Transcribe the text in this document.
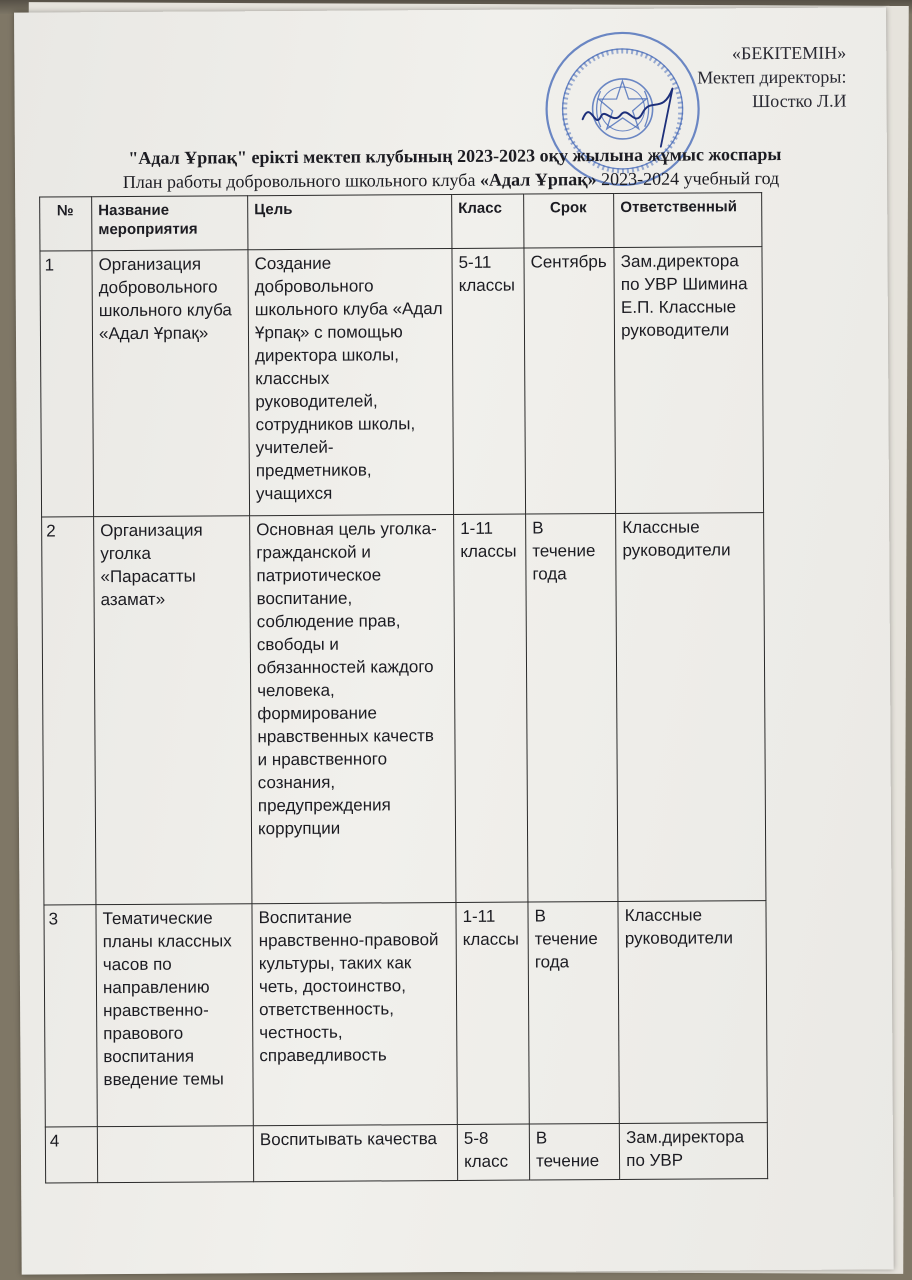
«БЕКІТЕМІН»
Мектеп директоры:
Шостко Л.И
"Адал Ұрпақ" ерікті мектеп клубының 2023-2023 оқу жылына жұмыс жоспары
План работы добровольного школьного клуба «Адал Ұрпақ» 2023-2024 учебный год
№	Название мероприятия	Цель	Класс	Срок	Ответственный
1	Организация добровольного школьного клуба «Адал Ұрпақ»	Создание добровольного школьного клуба «Адал Ұрпақ» с помощью директора школы, классных руководителей, сотрудников школы, учителей-предметников, учащихся	5-11 классы	Сентябрь	Зам.директора по УВР Шимина Е.П. Классные руководители
2	Организация уголка «Парасатты азамат»	Основная цель уголка- гражданской и патриотическое воспитание, соблюдение прав, свободы и обязанностей каждого человека, формирование нравственных качеств и нравственного сознания, предупреждения коррупции	1-11 классы	В течение года	Классные руководители
3	Тематические планы классных часов по направлению нравственно-правового воспитания введение темы	Воспитание нравственно-правовой культуры, таких как четь, достоинство, ответственность, честность, справедливость	1-11 классы	В течение года	Классные руководители
4		Воспитывать качества	5-8 класс	В течение	Зам.директора по УВР
